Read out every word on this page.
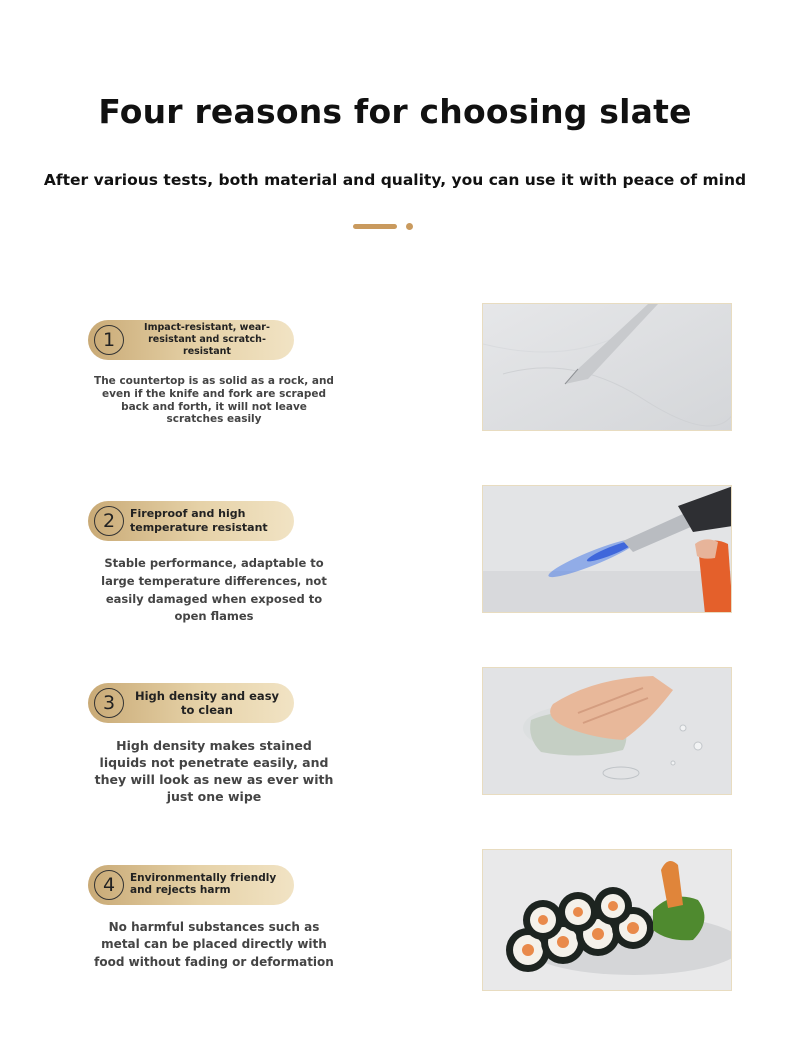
Four reasons for choosing slate
After various tests, both material and quality, you can use it with peace of mind
1
Impact-resistant, wear-resistant and scratch-resistant
The countertop is as solid as a rock, and even if the knife and fork are scraped back and forth, it will not leave scratches easily
2	Fireproof and high temperature resistant
Stable performance, adaptable to large temperature differences, not easily damaged when exposed to open flames
3	High density and easy to clean
High density makes stained liquids not penetrate easily, and they will look as new as ever with just one wipe
4	Environmentally friendly and rejects harm
No harmful substances such as metal can be placed directly with food without fading or deformation
